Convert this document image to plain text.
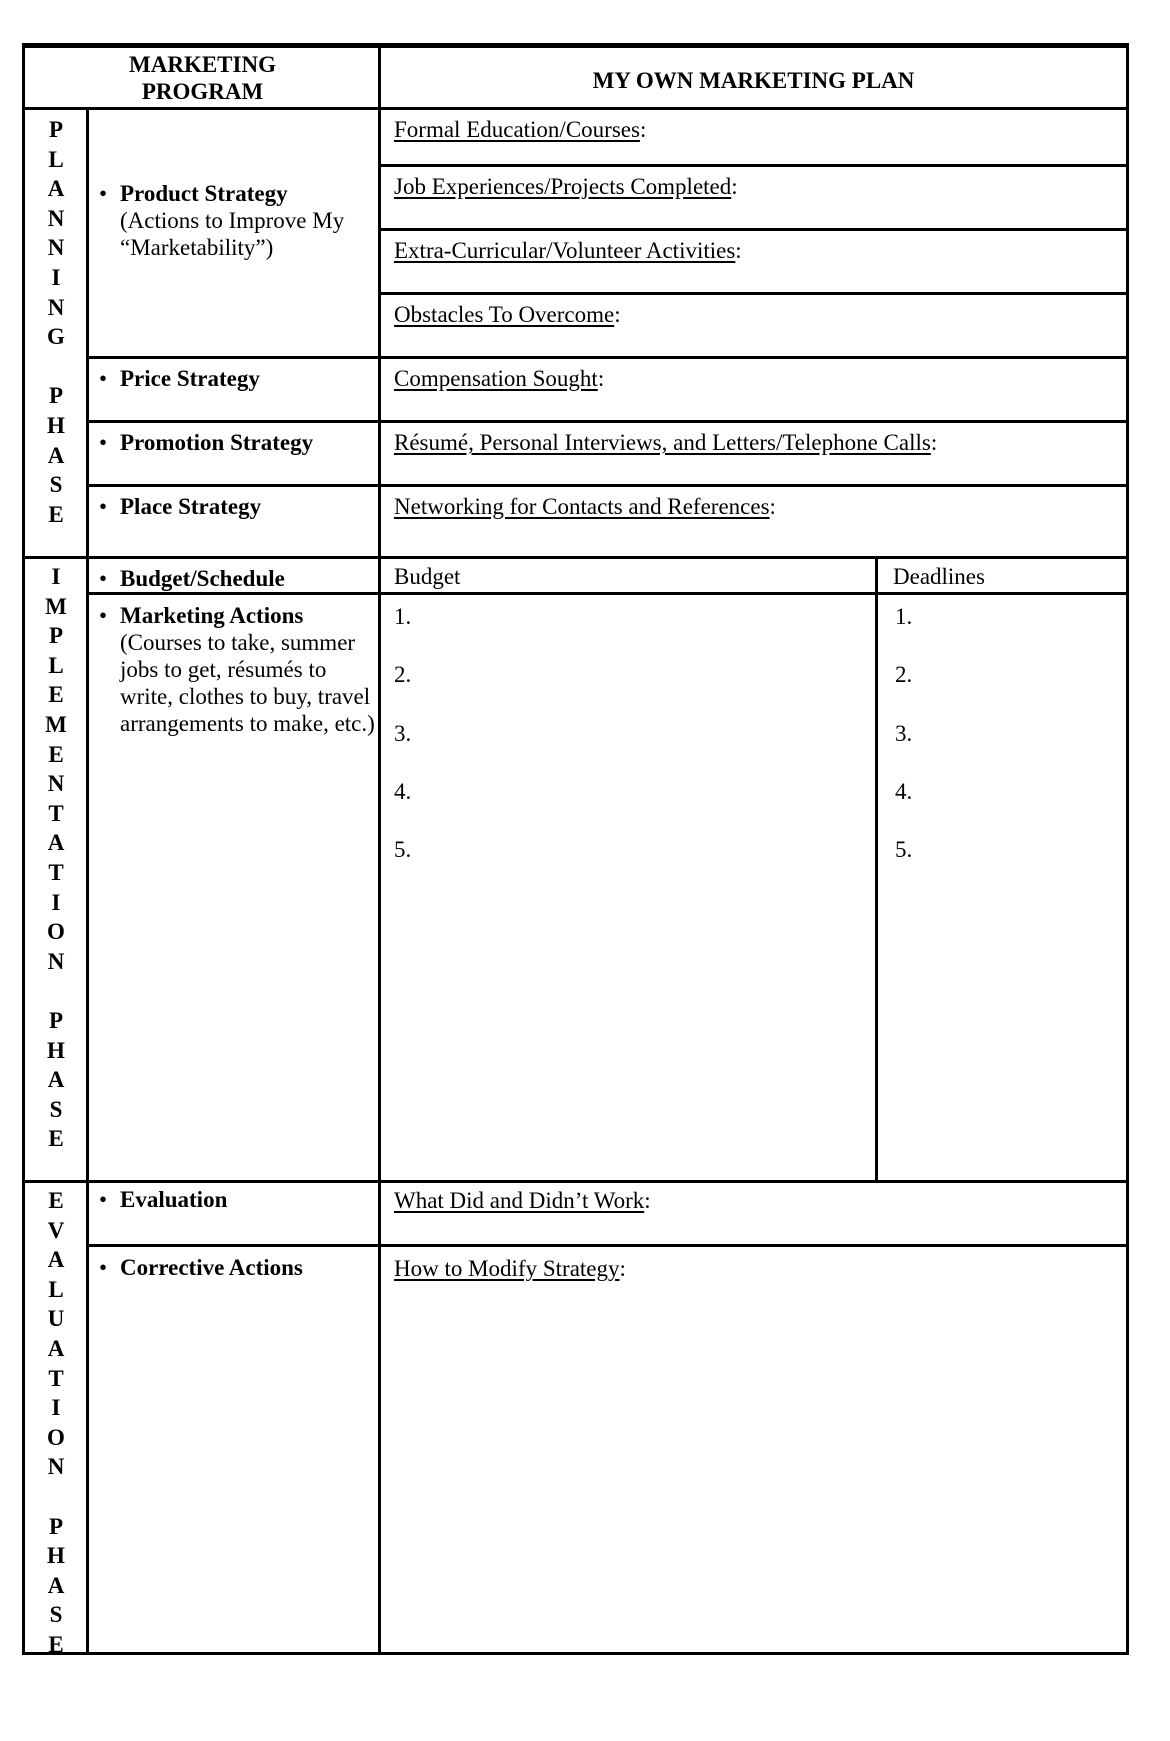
MARKETING
PROGRAM	MY OWN MARKETING PLAN
P
L
A
N
N
I
N
G

P
H
A
S
E
I
M
P
L
E
M
E
N
T
A
T
I
O
N

P
H
A
S
E
E
V
A
L
U
A
T
I
O
N

P
H
A
S
E
• Product Strategy
(Actions to Improve My “Marketability”)
• Price Strategy
• Promotion Strategy
• Place Strategy
• Budget/Schedule
• Marketing Actions
(Courses to take, summer jobs to get, résumés to write, clothes to buy, travel arrangements to make, etc.)
• Evaluation
• Corrective Actions
Formal Education/Courses:
Job Experiences/Projects Completed:
Extra-Curricular/Volunteer Activities:
Obstacles To Overcome:
Compensation Sought:
Résumé, Personal Interviews, and Letters/Telephone Calls:
Networking for Contacts and References:
Budget	Deadlines
1.
2.
3.
4.
5.
1.
2.
3.
4.
5.
What Did and Didn’t Work:
How to Modify Strategy:
